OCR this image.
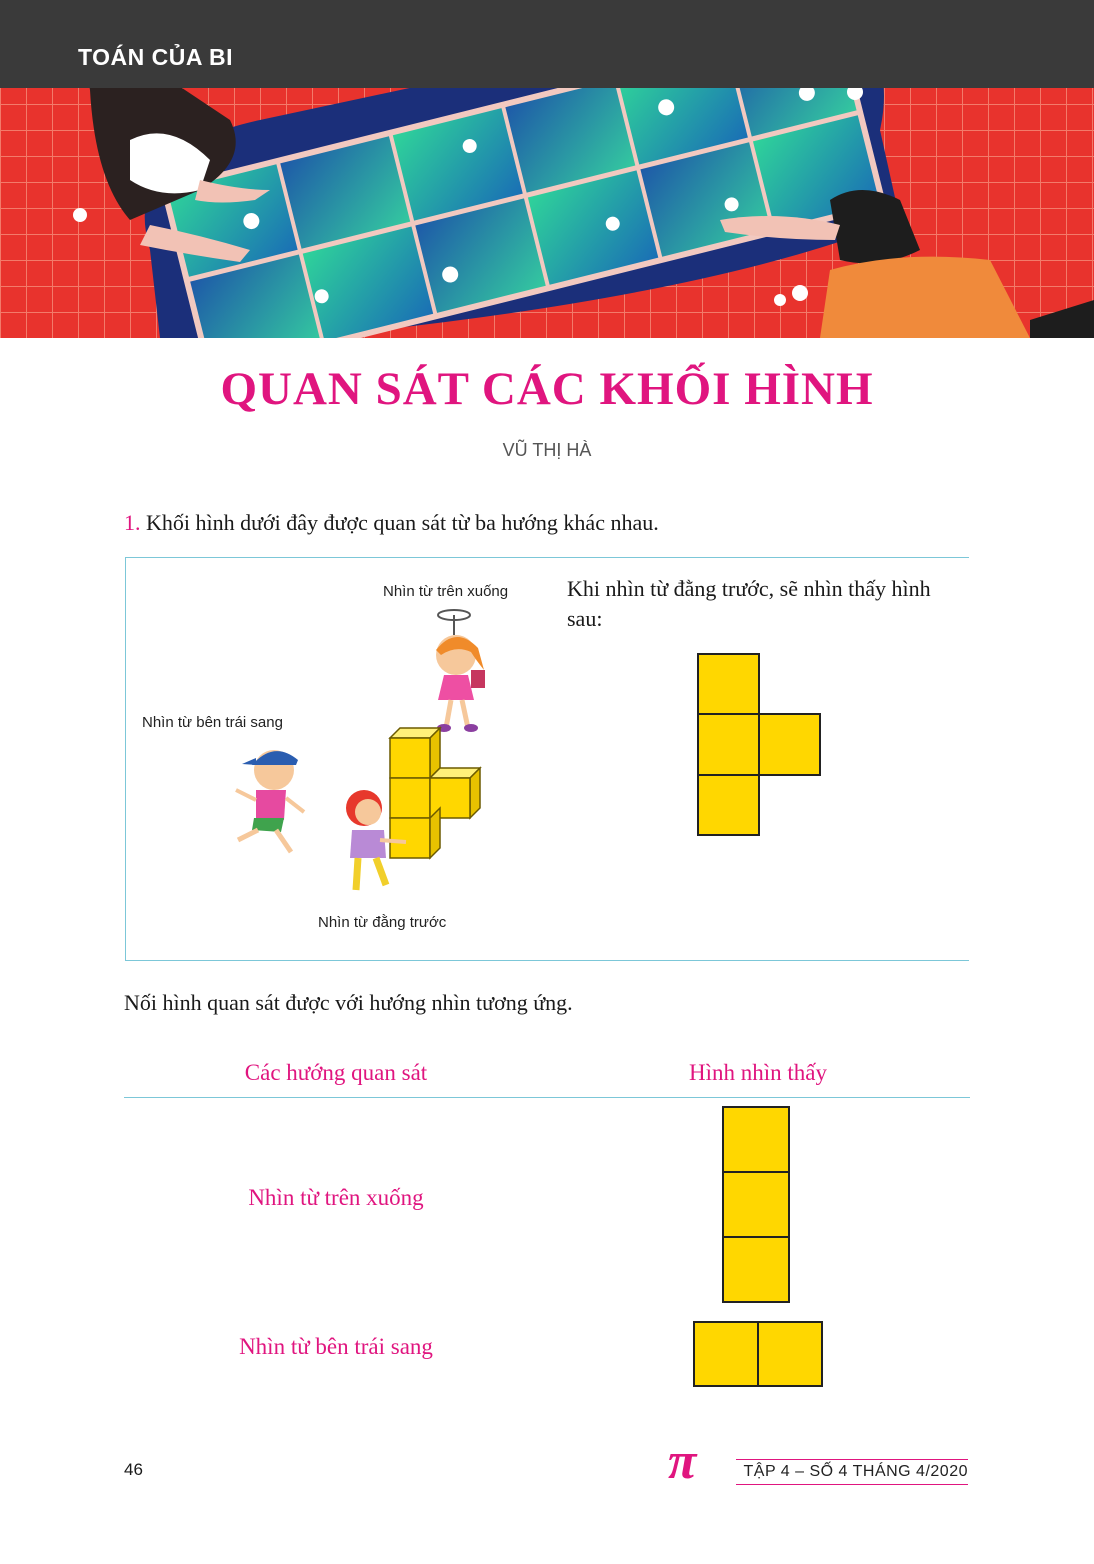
TOÁN CỦA BI
QUAN SÁT CÁC KHỐI HÌNH
VŨ THỊ HÀ
1. Khối hình dưới đây được quan sát từ ba hướng khác nhau.
Nhìn từ trên xuống
Nhìn từ bên trái sang
Nhìn từ đằng trước
Khi nhìn từ đằng trước, sẽ nhìn thấy hình sau:
Nối hình quan sát được với hướng nhìn tương ứng.
Các hướng quan sát	Hình nhìn thấy
Nhìn từ trên xuống
Nhìn từ bên trái sang
46	π	TẬP 4 – SỐ 4 THÁNG 4/2020
